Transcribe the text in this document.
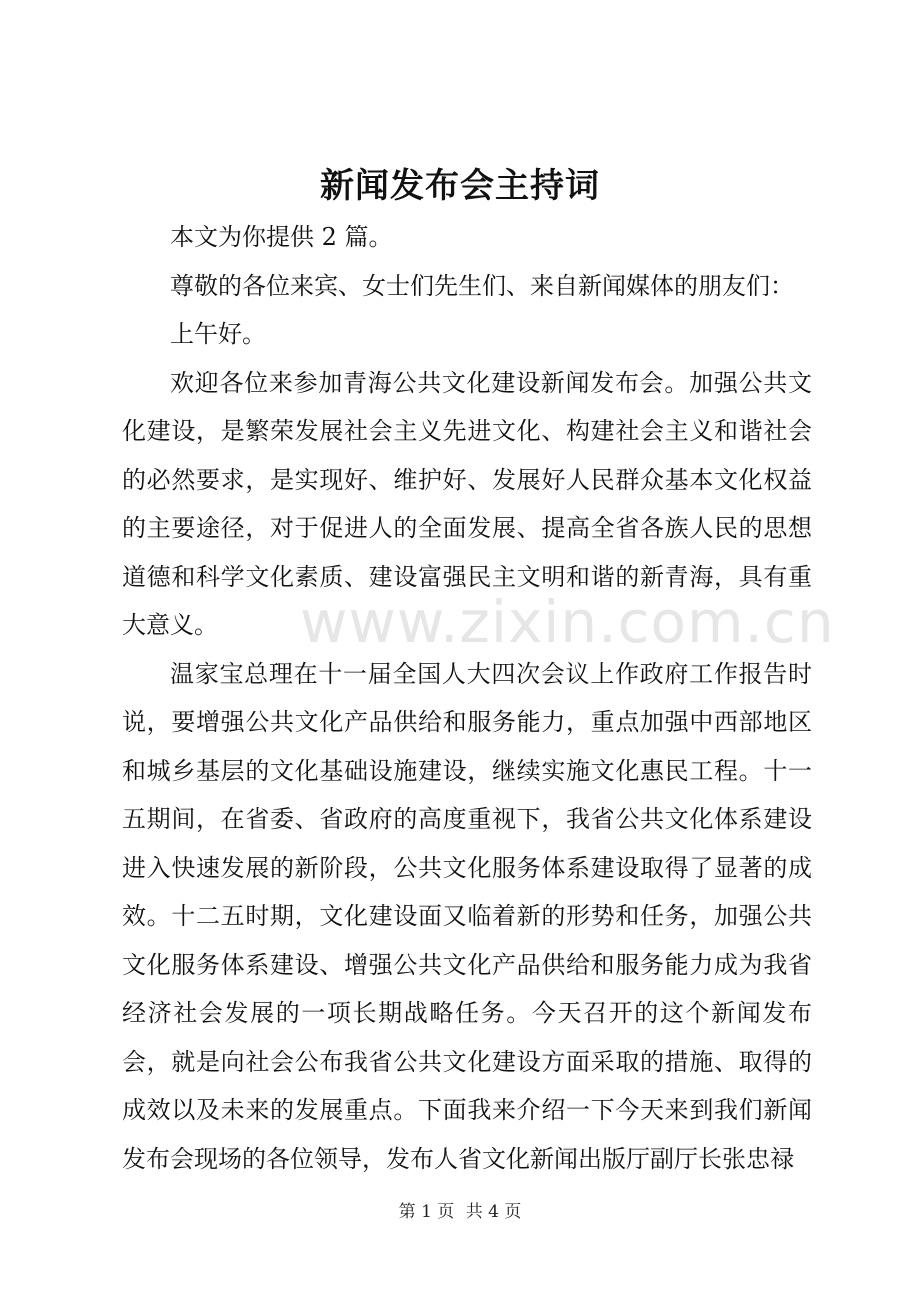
www.zixin.com.cn
新闻发布会主持词

本文为你提供 2 篇。

尊敬的各位来宾、女士们先生们、来自新闻媒体的朋友们：

上午好。

欢迎各位来参加青海公共文化建设新闻发布会。加强公共文化建设，是繁荣发展社会主义先进文化、构建社会主义和谐社会的必然要求，是实现好、维护好、发展好人民群众基本文化权益的主要途径，对于促进人的全面发展、提高全省各族人民的思想道德和科学文化素质、建设富强民主文明和谐的新青海，具有重大意义。

温家宝总理在十一届全国人大四次会议上作政府工作报告时说，要增强公共文化产品供给和服务能力，重点加强中西部地区和城乡基层的文化基础设施建设，继续实施文化惠民工程。十一五期间，在省委、省政府的高度重视下，我省公共文化体系建设进入快速发展的新阶段，公共文化服务体系建设取得了显著的成效。十二五时期，文化建设面又临着新的形势和任务，加强公共文化服务体系建设、增强公共文化产品供给和服务能力成为我省经济社会发展的一项长期战略任务。今天召开的这个新闻发布会，就是向社会公布我省公共文化建设方面采取的措施、取得的成效以及未来的发展重点。下面我来介绍一下今天来到我们新闻发布会现场的各位领导，发布人省文化新闻出版厅副厅长张忠禄

第 1 页 共 4 页
